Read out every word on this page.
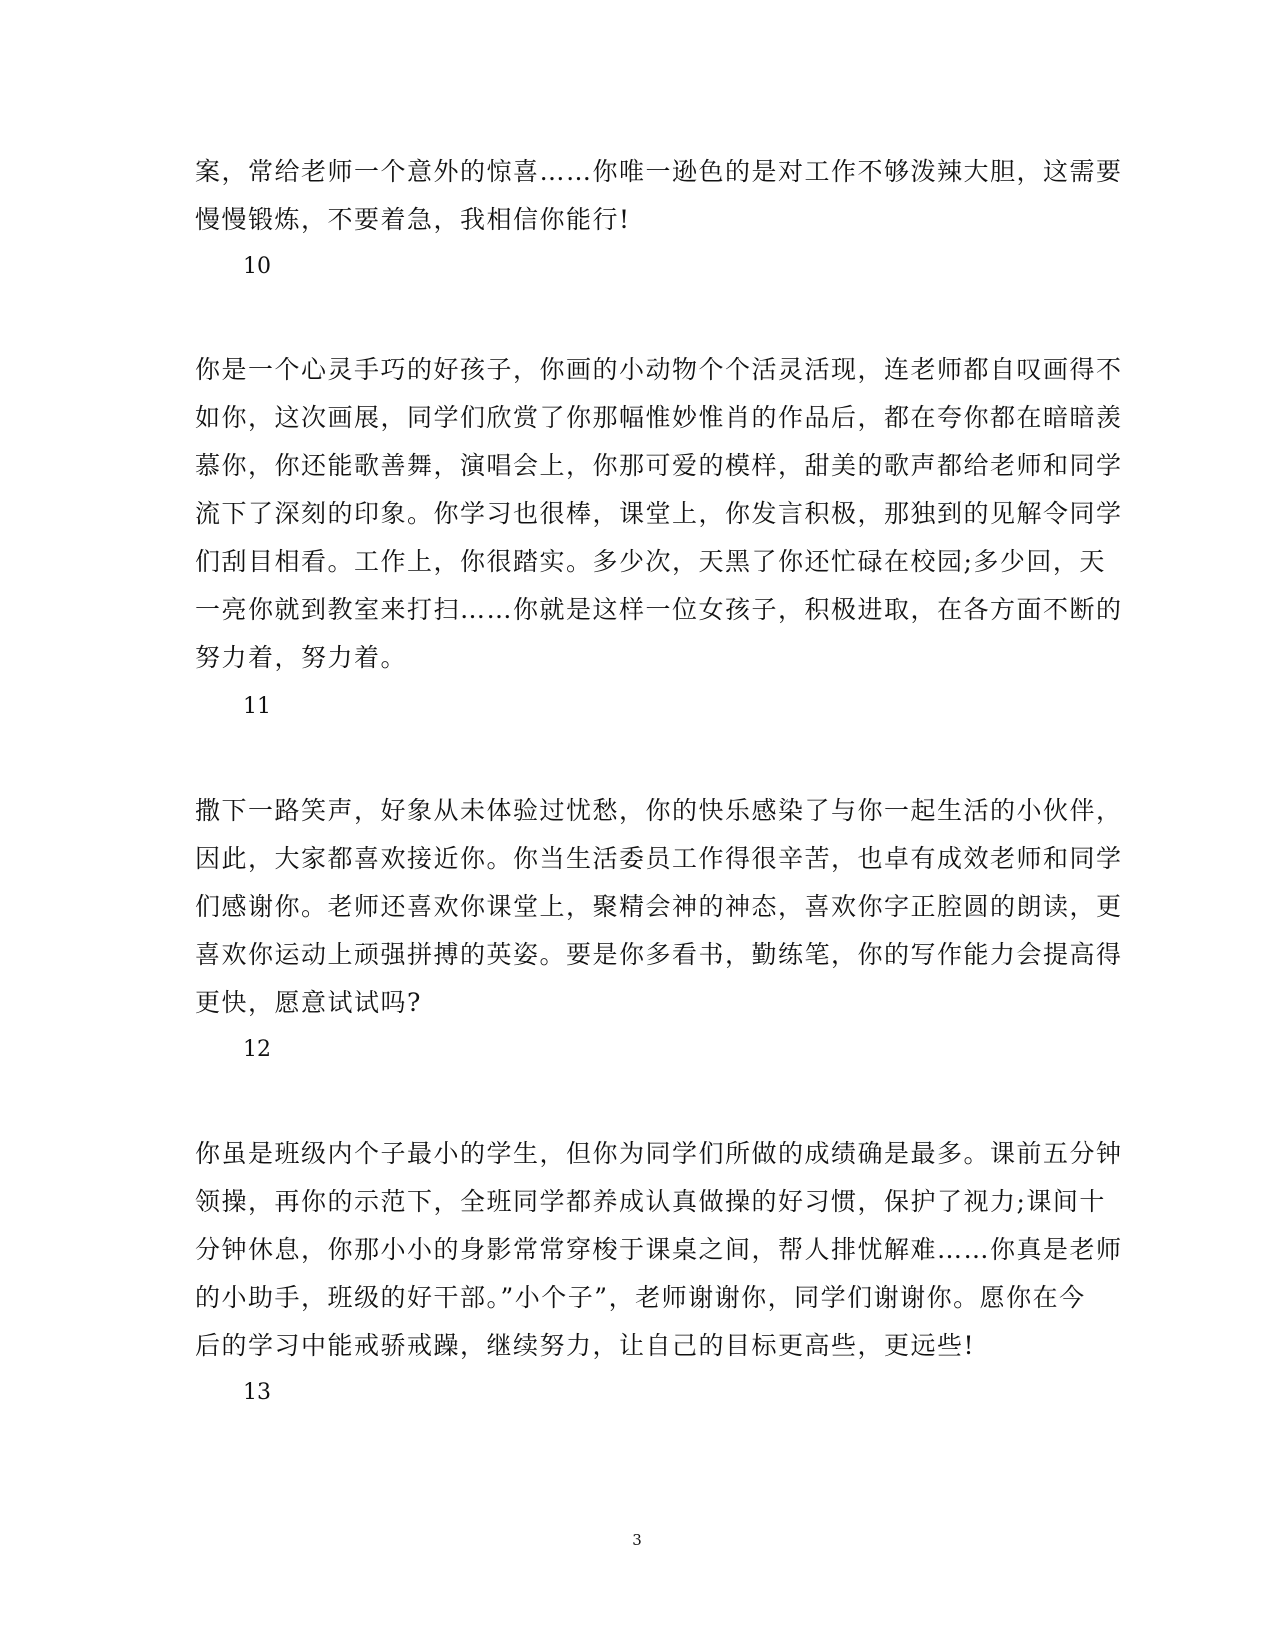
案，常给老师一个意外的惊喜……你唯一逊色的是对工作不够泼辣大胆，这需要
慢慢锻炼，不要着急，我相信你能行!

10

你是一个心灵手巧的好孩子，你画的小动物个个活灵活现，连老师都自叹画得不
如你，这次画展，同学们欣赏了你那幅惟妙惟肖的作品后，都在夸你都在暗暗羡
慕你，你还能歌善舞，演唱会上，你那可爱的模样，甜美的歌声都给老师和同学
流下了深刻的印象。你学习也很棒，课堂上，你发言积极，那独到的见解令同学
们刮目相看。工作上，你很踏实。多少次，天黑了你还忙碌在校园;多少回，天
一亮你就到教室来打扫……你就是这样一位女孩子，积极进取，在各方面不断的
努力着，努力着。

11

撒下一路笑声，好象从未体验过忧愁，你的快乐感染了与你一起生活的小伙伴，
因此，大家都喜欢接近你。你当生活委员工作得很辛苦，也卓有成效老师和同学
们感谢你。老师还喜欢你课堂上，聚精会神的神态，喜欢你字正腔圆的朗读，更
喜欢你运动上顽强拼搏的英姿。要是你多看书，勤练笔，你的写作能力会提高得
更快，愿意试试吗?

12

你虽是班级内个子最小的学生，但你为同学们所做的成绩确是最多。课前五分钟
领操，再你的示范下，全班同学都养成认真做操的好习惯，保护了视力;课间十
分钟休息，你那小小的身影常常穿梭于课桌之间，帮人排忧解难……你真是老师
的小助手，班级的好干部。”小个子”，老师谢谢你，同学们谢谢你。愿你在今
后的学习中能戒骄戒躁，继续努力，让自己的目标更高些，更远些!

13

3
